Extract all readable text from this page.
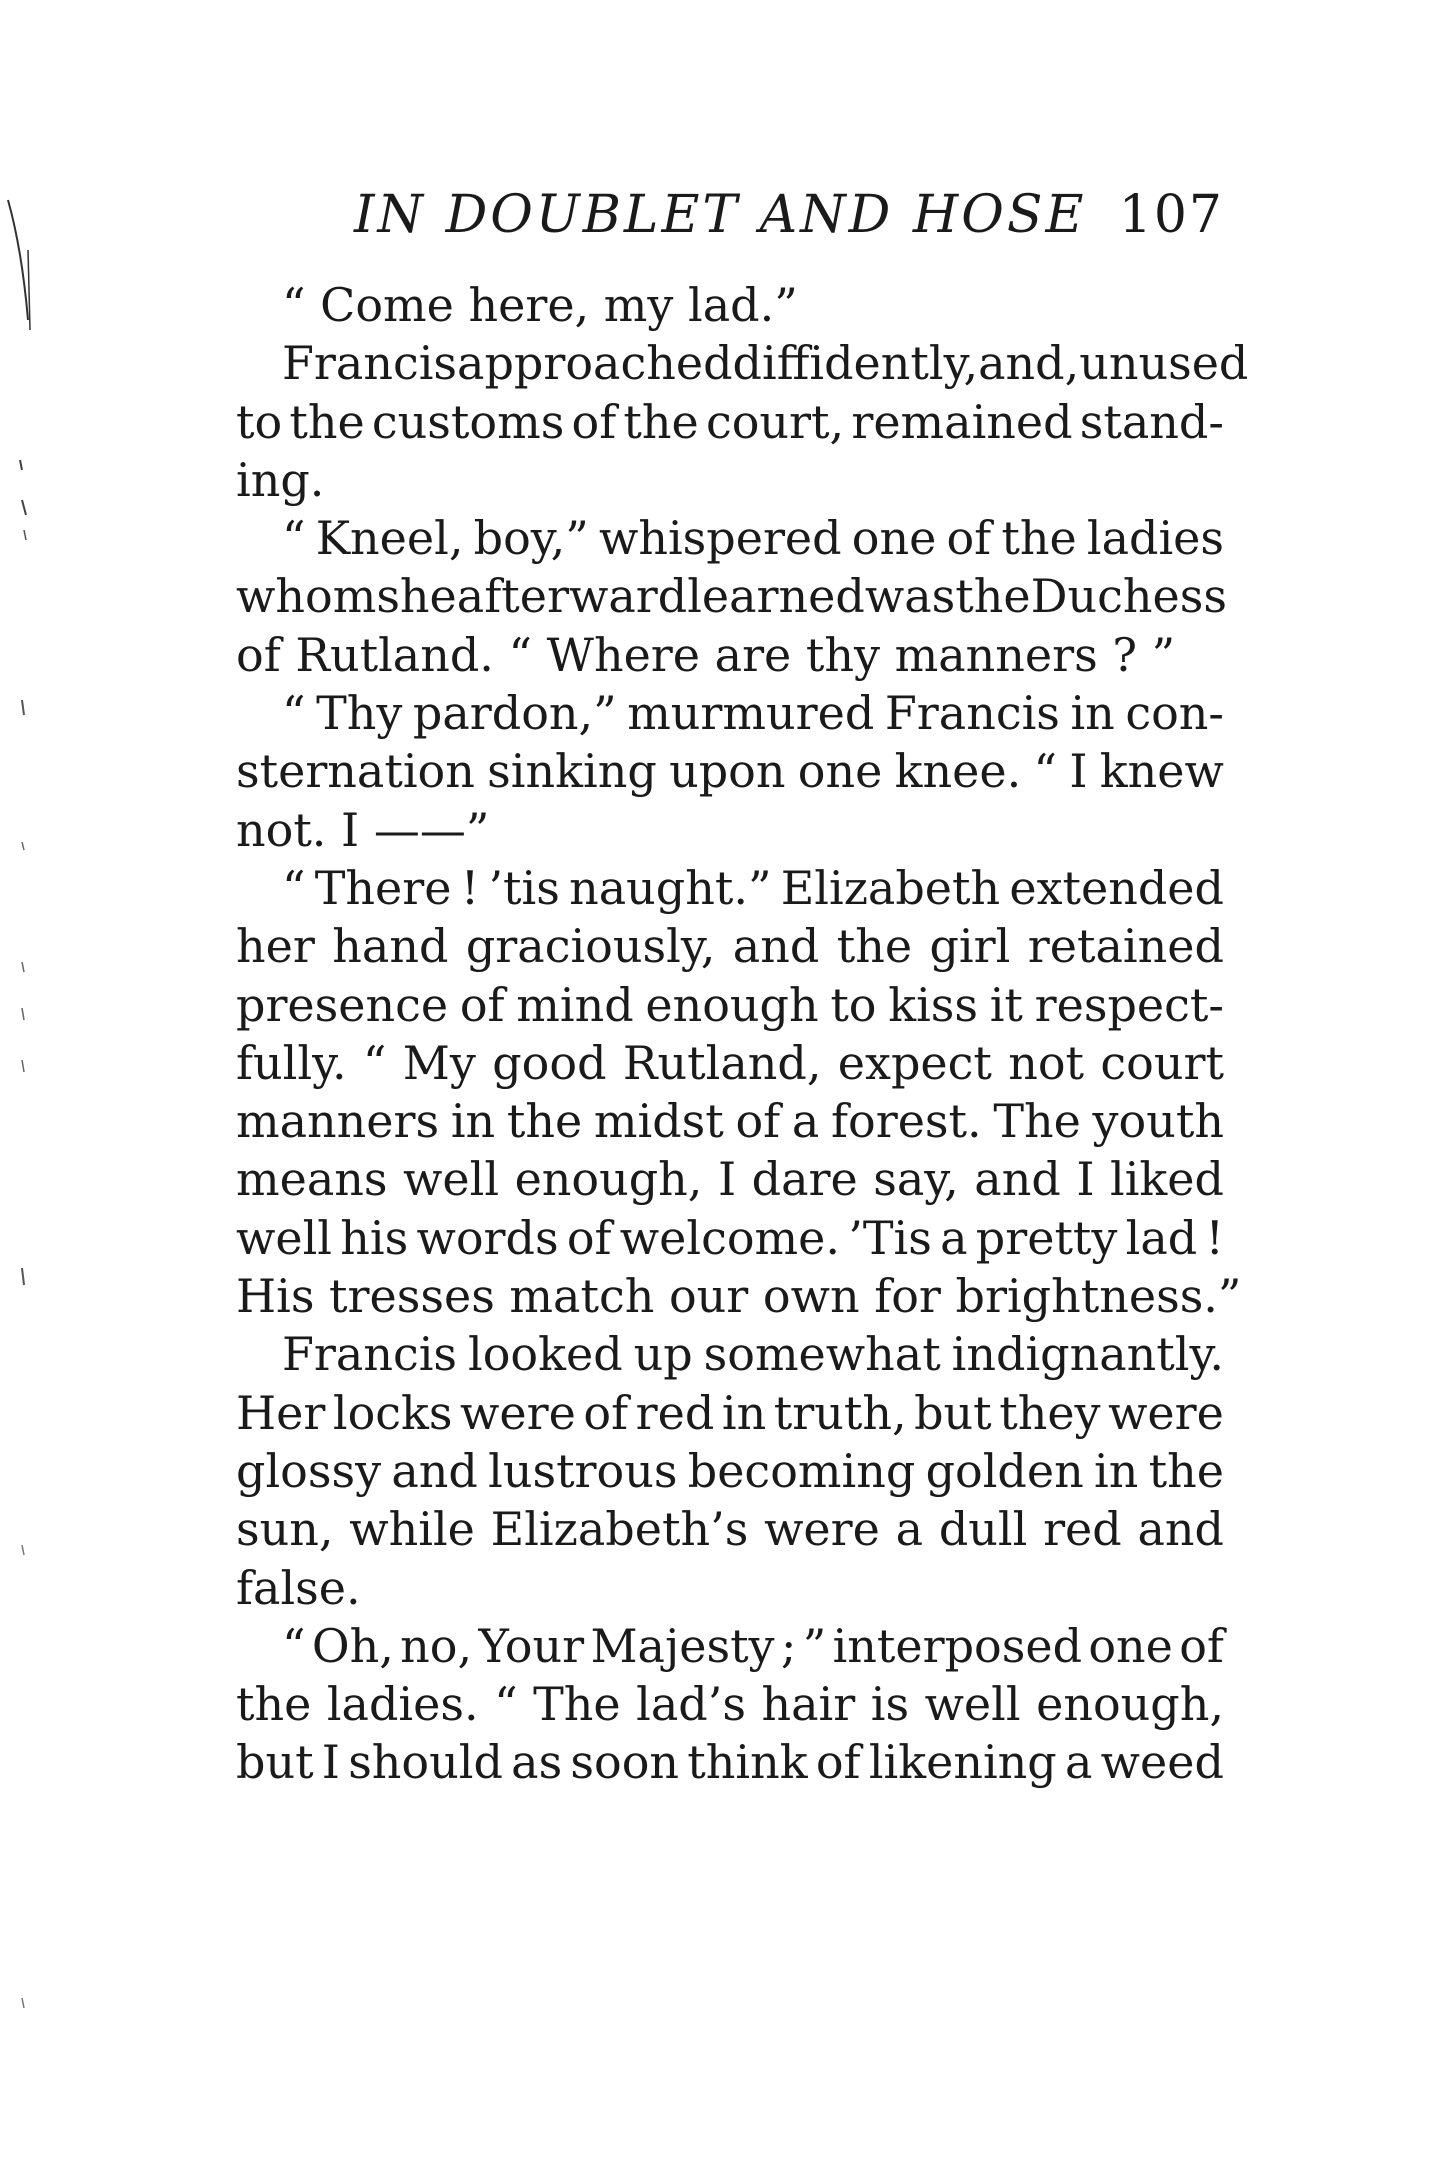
IN DOUBLET AND HOSE 107
“ Come here, my lad.”
Francis approached diffidently, and, unused
to the customs of the court, remained stand-
ing.
“ Kneel, boy,” whispered one of the ladies
whom she afterward learned was the Duchess
of Rutland. “ Where are thy manners ? ”
“ Thy pardon,” murmured Francis in con-
sternation sinking upon one knee. “ I knew
not. I ——”
“ There ! ’tis naught.” Elizabeth extended
her hand graciously, and the girl retained
presence of mind enough to kiss it respect-
fully. “ My good Rutland, expect not court
manners in the midst of a forest. The youth
means well enough, I dare say, and I liked
well his words of welcome. ’Tis a pretty lad !
His tresses match our own for brightness.”
Francis looked up somewhat indignantly.
Her locks were of red in truth, but they were
glossy and lustrous becoming golden in the
sun, while Elizabeth’s were a dull red and
false.
“ Oh, no, Your Majesty ; ” interposed one of
the ladies. “ The lad’s hair is well enough,
but I should as soon think of likening a weed
